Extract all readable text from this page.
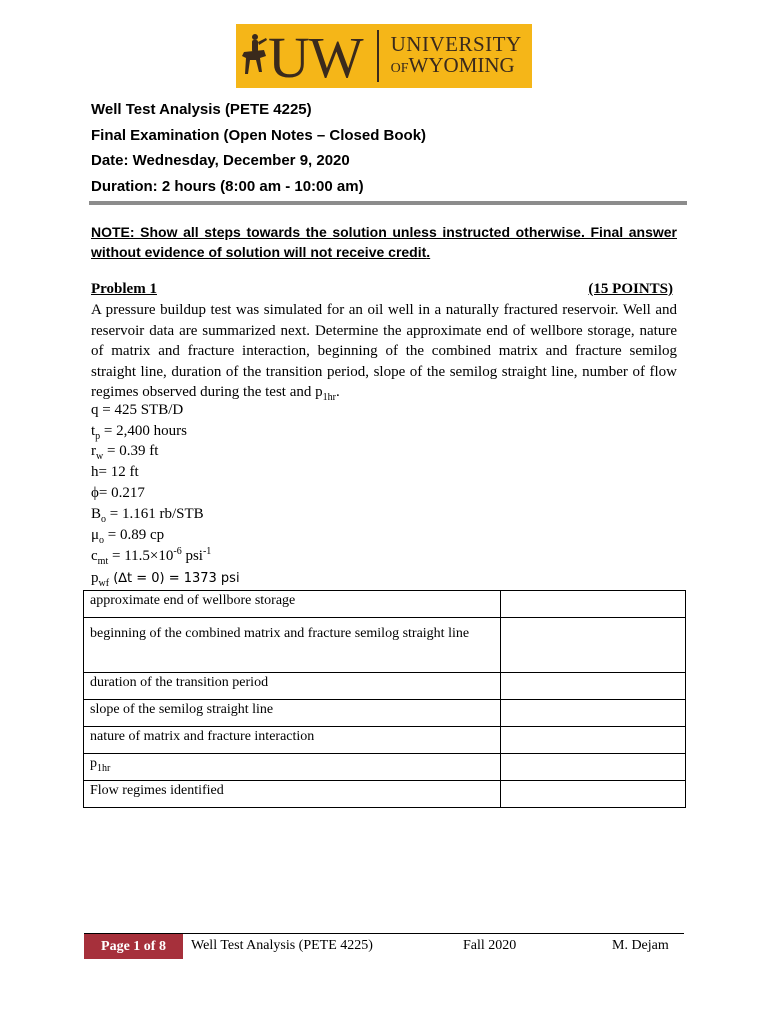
UW UNIVERSITY
OFWYOMING
Well Test Analysis (PETE 4225)
Final Examination (Open Notes – Closed Book)
Date: Wednesday, December 9, 2020
Duration: 2 hours (8:00 am - 10:00 am)
NOTE: Show all steps towards the solution unless instructed otherwise. Final answer without evidence of solution will not receive credit.
Problem 1	(15 POINTS)
A pressure buildup test was simulated for an oil well in a naturally fractured reservoir. Well and reservoir data are summarized next. Determine the approximate end of wellbore storage, nature of matrix and fracture interaction, beginning of the combined matrix and fracture semilog straight line, duration of the transition period, slope of the semilog straight line, number of flow regimes observed during the test and $p_{1hr}$.
q = 425 STB/D
$t_p = 2,400$ hours
$r_w = 0.39$ ft
h= 12 ft
ϕ= 0.217
$B_o = 1.161$ rb/STB
$\mu_o = 0.89$ cp
$c_{mt} = 11.5\times 10^{-6}$ psi$^{-1}$
$p_{wf}$ (∆t = 0) = 1373 psi
approximate end of wellbore storage	
beginning of the combined matrix and fracture semilog straight line	
duration of the transition period	
slope of the semilog straight line	
nature of matrix and fracture interaction	
$p_{1hr}$	
Flow regimes identified	
Page 1 of 8	Well Test Analysis (PETE 4225)	Fall 2020	M. Dejam
